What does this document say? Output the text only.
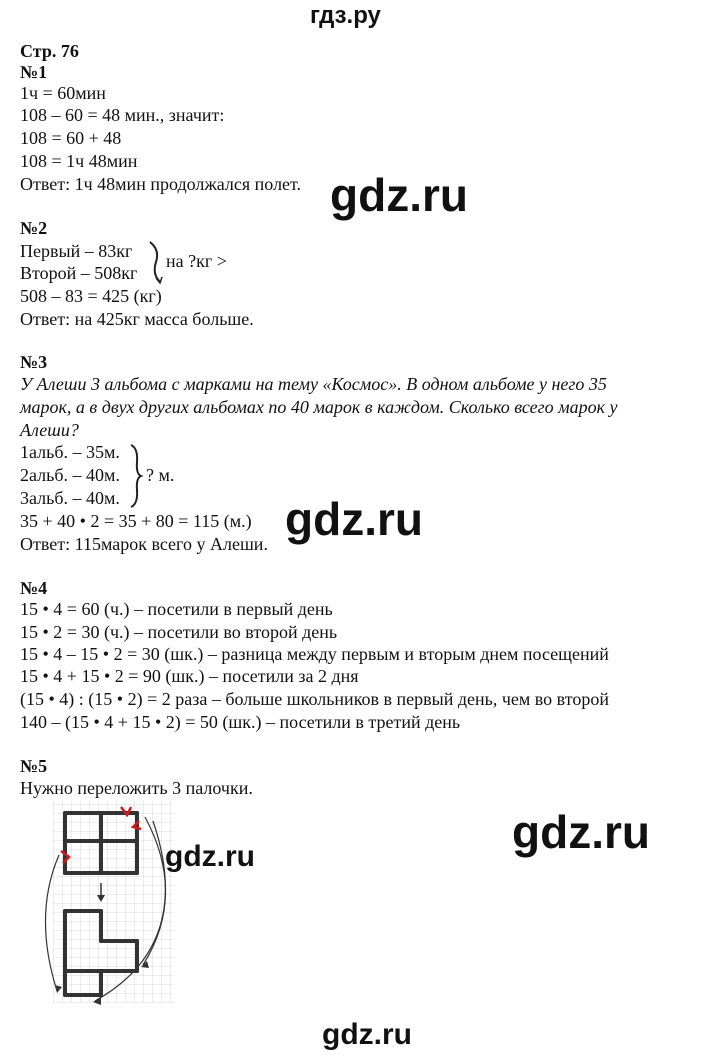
гдз.ру
Стр. 76
№1
1ч = 60мин
108 – 60 = 48 мин., значит:
108 = 60 + 48
108 = 1ч 48мин
Ответ: 1ч 48мин продолжался полет. gdz.ru
№2
Первый – 83кг
Второй – 508кг
на ?кг >
508 – 83 = 425 (кг)
Ответ: на 425кг масса больше.
№3
У Алеши 3 альбома с марками на тему «Космос». В одном альбоме у него 35
марок, а в двух других альбомах по 40 марок в каждом. Сколько всего марок у
Алеши?
1альб. – 35м.
2альб. – 40м.
3альб. – 40м.
? м.
35 + 40 • 2 = 35 + 80 = 115 (м.)
Ответ: 115марок всего у Алеши. gdz.ru
№4
15 • 4 = 60 (ч.) – посетили в первый день
15 • 2 = 30 (ч.) – посетили во второй день
15 • 4 – 15 • 2 = 30 (шк.) – разница между первым и вторым днем посещений
15 • 4 + 15 • 2 = 90 (шк.) – посетили за 2 дня
(15 • 4) : (15 • 2) = 2 раза – больше школьников в первый день, чем во второй
140 – (15 • 4 + 15 • 2) = 50 (шк.) – посетили в третий день
№5
Нужно переложить 3 палочки.
gdz.ru	gdz.ru
gdz.ru
